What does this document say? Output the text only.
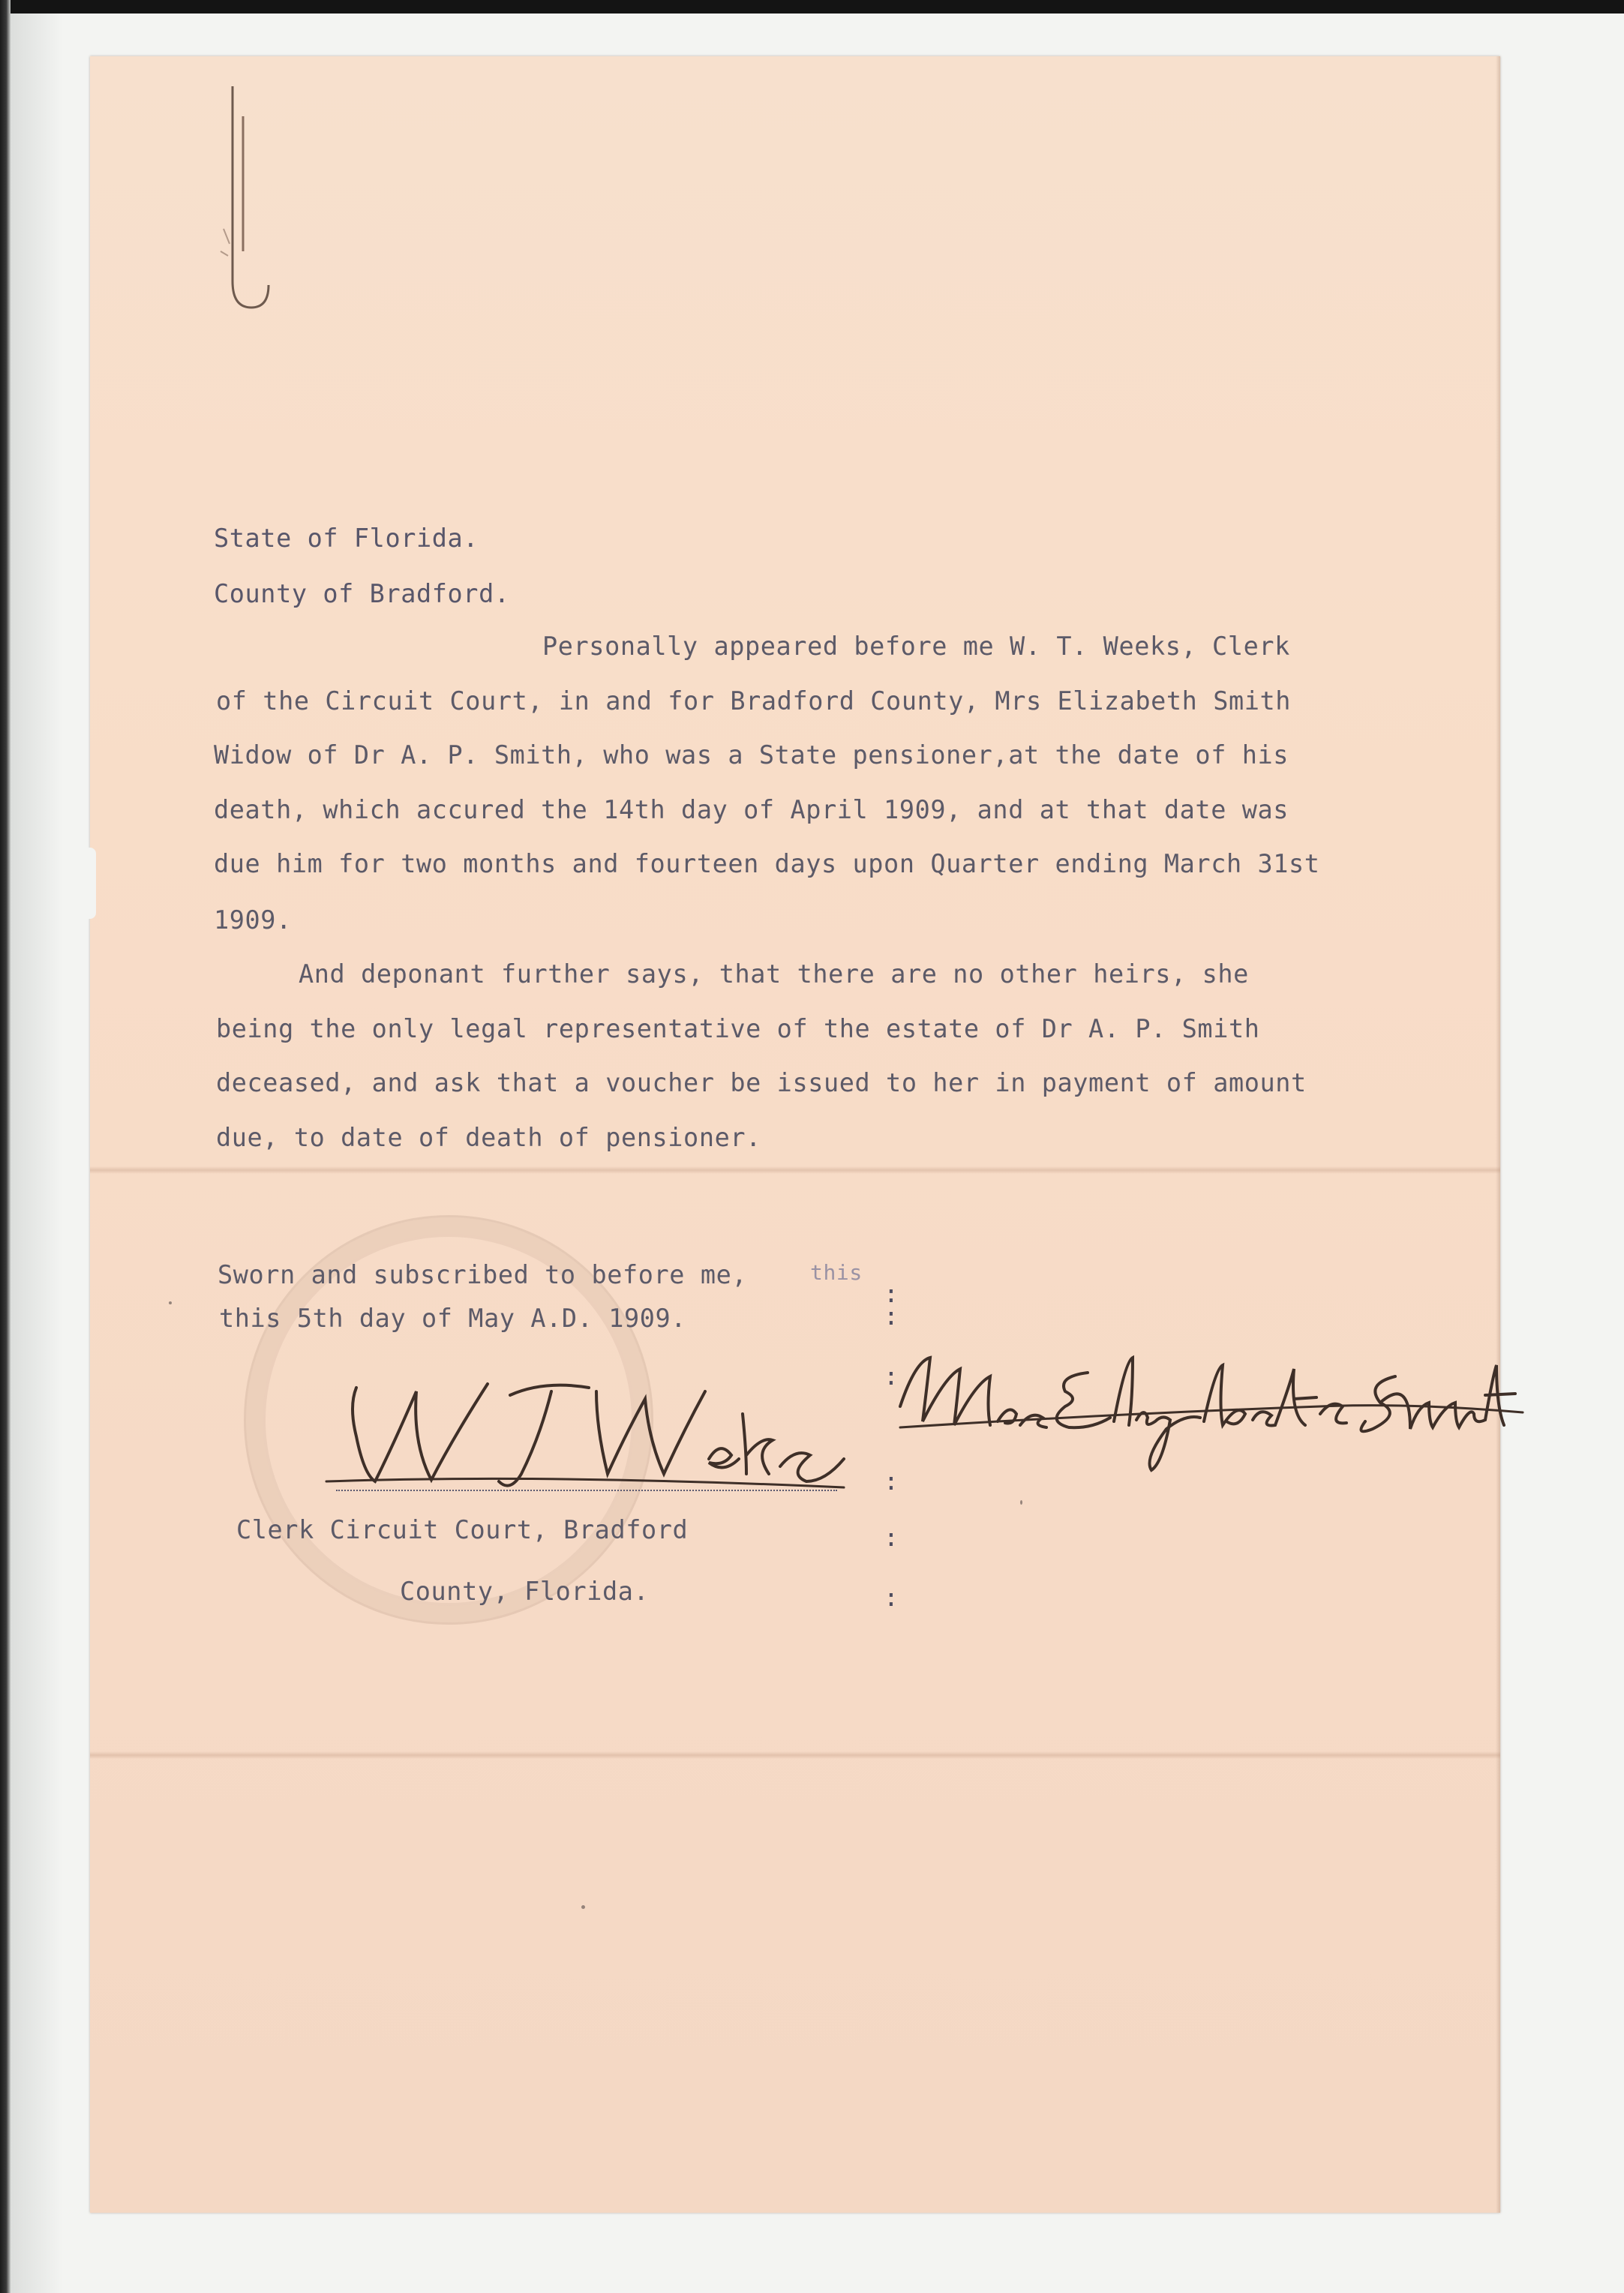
State of Florida.
County of Bradford.
Personally appeared before me W. T. Weeks, Clerk
of the Circuit Court, in and for Bradford County, Mrs Elizabeth Smith
Widow of Dr A. P. Smith, who was a State pensioner,at the date of his
death, which accured the 14th day of April 1909, and at that date was
due him for two months and fourteen days upon Quarter ending March 31st
1909.
And deponant further says, that there are no other heirs, she
being the only legal representative of the estate of Dr A. P. Smith
deceased, and ask that a voucher be issued to her in payment of amount
due, to date of death of pensioner.
Sworn and subscribed to before me,	this
this 5th day of May A.D. 1909.
:
:
:
:
:
:
Clerk Circuit Court, Bradford
County, Florida.
